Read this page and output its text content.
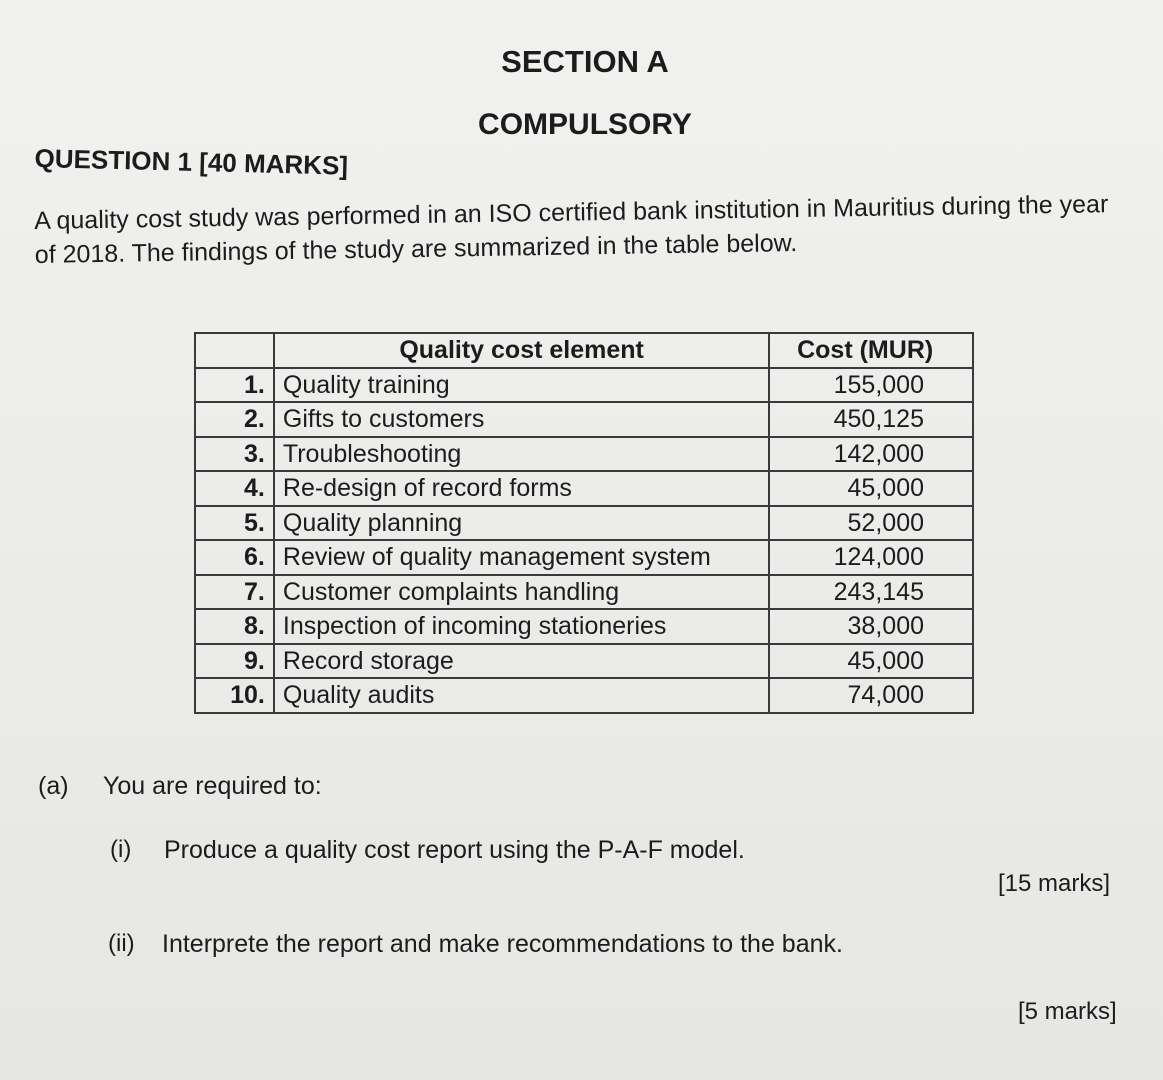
SECTION A
COMPULSORY
QUESTION 1 [40 MARKS]
A quality cost study was performed in an ISO certified bank institution in Mauritius during the year of 2018. The findings of the study are summarized in the table below.
	Quality cost element	Cost (MUR)
1.	Quality training	155,000
2.	Gifts to customers	450,125
3.	Troubleshooting	142,000
4.	Re-design of record forms	45,000
5.	Quality planning	52,000
6.	Review of quality management system	124,000
7.	Customer complaints handling	243,145
8.	Inspection of incoming stationeries	38,000
9.	Record storage	45,000
10.	Quality audits	74,000
(a) You are required to:
(i) Produce a quality cost report using the P-A-F model.
[15 marks]
(ii) Interprete the report and make recommendations to the bank.
[5 marks]
